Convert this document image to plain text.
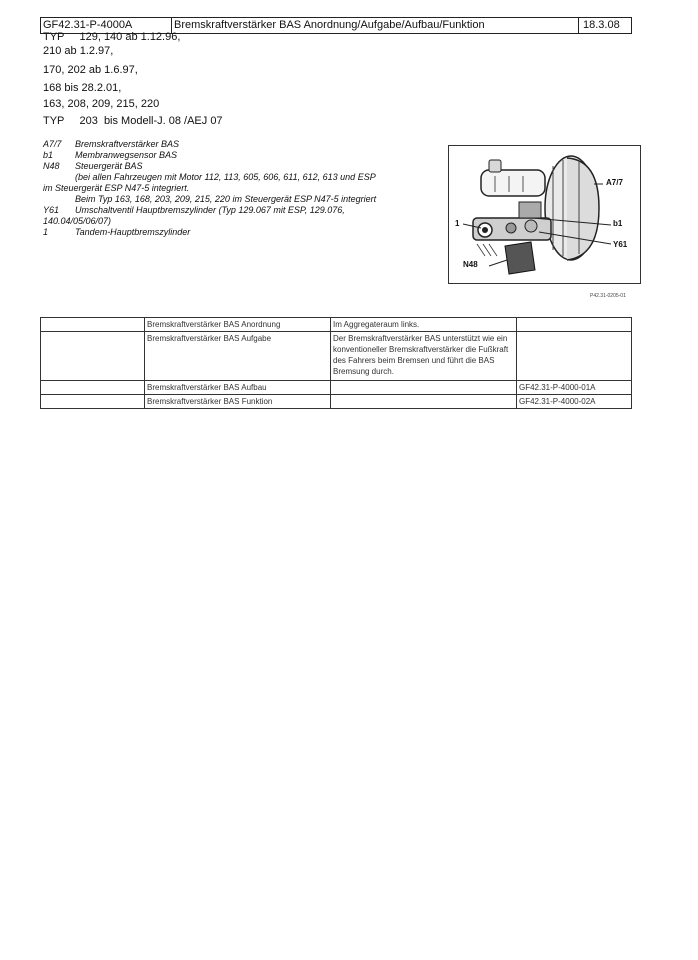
GF42.31-P-4000A	Bremskraftverstärker BAS Anordnung/Aufgabe/Aufbau/Funktion	18.3.08
TYP     129, 140 ab 1.12.96,
210 ab 1.2.97,
170, 202 ab 1.6.97,
168 bis 28.2.01,
163, 208, 209, 215, 220
TYP     203  bis Modell-J. 08 /AEJ 07
A7/7 Bremskraftverstärker BAS
b1 Membranwegsensor BAS
N48 Steuergerät BAS
(bei allen Fahrzeugen mit Motor 112, 113, 605, 606, 611, 612, 613 und ESP
im Steuergerät ESP N47-5 integriert.
Beim Typ 163, 168, 203, 209, 215, 220 im Steuergerät ESP N47-5 integriert
Y61 Umschaltventil Hauptbremszylinder (Typ 129.067 mit ESP, 129.076,
140.04/05/06/07)
1	Tandem-Hauptbremszylinder
A7/7
b1
Y61
N48
1
P42.31-0205-01
	Bremskraftverstärker BAS Anordnung	Im Aggregateraum links.	
	Bremskraftverstärker BAS Aufgabe	Der Bremskraftverstärker BAS unterstützt wie ein konventioneller Bremskraftverstärker die Fußkraft des Fahrers beim Bremsen und führt die BAS Bremsung durch.	
	Bremskraftverstärker BAS Aufbau		GF42.31-P-4000-01A
	Bremskraftverstärker BAS Funktion		GF42.31-P-4000-02A
